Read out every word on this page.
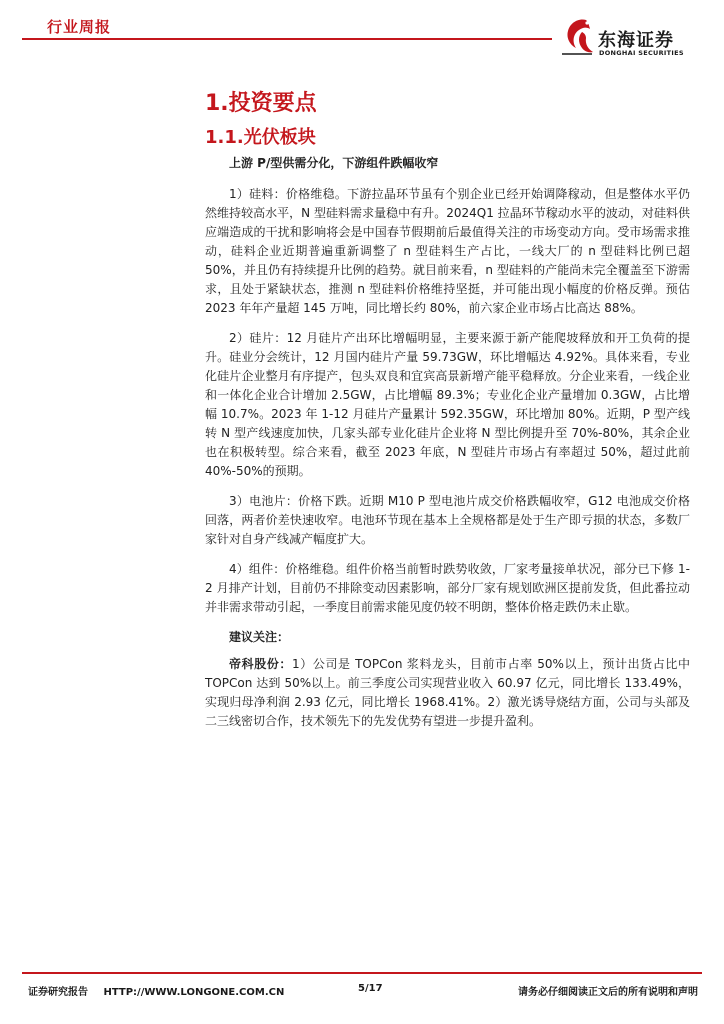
行业周报
东海证券
DONGHAI SECURITIES
1.投资要点
1.1.光伏板块

上游 P/型供需分化，下游组件跌幅收窄

1）硅料：价格维稳。下游拉晶环节虽有个别企业已经开始调降稼动，但是整体水平仍然维持较高水平，N 型硅料需求量稳中有升。2024Q1 拉晶环节稼动水平的波动，对硅料供应端造成的干扰和影响将会是中国春节假期前后最值得关注的市场变动方向。受市场需求推动，硅料企业近期普遍重新调整了 n 型硅料生产占比，一线大厂的 n 型硅料比例已超 50%，并且仍有持续提升比例的趋势。就目前来看，n 型硅料的产能尚未完全覆盖至下游需求，且处于紧缺状态，推测 n 型硅料价格维持坚挺，并可能出现小幅度的价格反弹。预估 2023 年年产量超 145 万吨，同比增长约 80%，前六家企业市场占比高达 88%。

2）硅片：12 月硅片产出环比增幅明显，主要来源于新产能爬坡释放和开工负荷的提升。硅业分会统计，12 月国内硅片产量 59.73GW，环比增幅达 4.92%。具体来看，专业化硅片企业整月有序提产，包头双良和宜宾高景新增产能平稳释放。分企业来看，一线企业和一体化企业合计增加 2.5GW，占比增幅 89.3%；专业化企业产量增加 0.3GW，占比增幅 10.7%。2023 年 1-12 月硅片产量累计 592.35GW，环比增加 80%。近期，P 型产线转 N 型产线速度加快，几家头部专业化硅片企业将 N 型比例提升至 70%-80%，其余企业也在积极转型。综合来看，截至 2023 年底，N 型硅片市场占有率超过 50%，超过此前 40%-50%的预期。

3）电池片：价格下跌。近期 M10 P 型电池片成交价格跌幅收窄，G12 电池成交价格回落，两者价差快速收窄。电池环节现在基本上全规格都是处于生产即亏损的状态，多数厂家针对自身产线减产幅度扩大。

4）组件：价格维稳。组件价格当前暂时跌势收敛，厂家考量接单状况，部分已下修 1-2 月排产计划，目前仍不排除变动因素影响，部分厂家有规划欧洲区提前发货，但此番拉动并非需求带动引起，一季度目前需求能见度仍较不明朗，整体价格走跌仍未止歇。

建议关注：

帝科股份：1）公司是 TOPCon 浆料龙头，目前市占率 50%以上，预计出货占比中 TOPCon 达到 50%以上。前三季度公司实现营业收入 60.97 亿元，同比增长 133.49%，实现归母净利润 2.93 亿元，同比增长 1968.41%。2）激光诱导烧结方面，公司与头部及二三线密切合作，技术领先下的先发优势有望进一步提升盈利。

证券研究报告 HTTP://WWW.LONGONE.COM.CN	5/17	请务必仔细阅读正文后的所有说明和声明
